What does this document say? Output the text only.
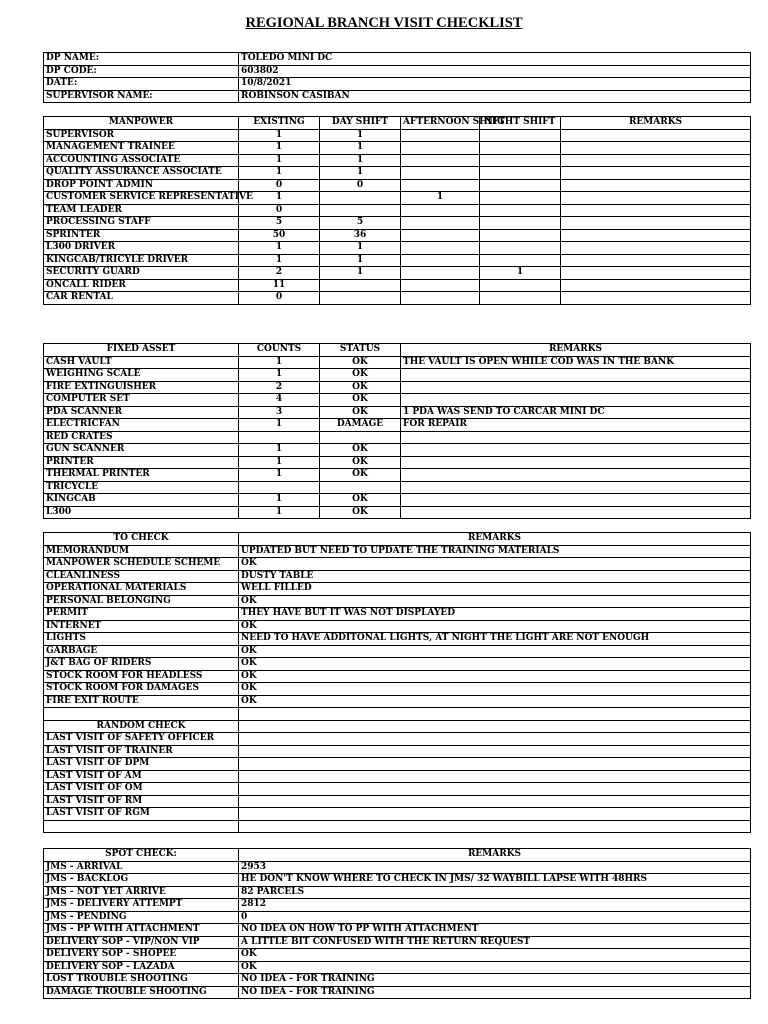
REGIONAL BRANCH VISIT CHECKLIST
DP NAME:	TOLEDO MINI DC
DP CODE:	603802
DATE:	10/8/2021
SUPERVISOR NAME:	ROBINSON CASIBAN
MANPOWER	EXISTING	DAY SHIFT	AFTERNOON SHIFT	NIGHT SHIFT	REMARKS
SUPERVISOR	1	1			
MANAGEMENT TRAINEE	1	1			
ACCOUNTING ASSOCIATE	1	1			
QUALITY ASSURANCE ASSOCIATE	1	1			
DROP POINT ADMIN	0	0			
CUSTOMER SERVICE REPRESENTATIVE	1		1		
TEAM LEADER	0				
PROCESSING STAFF	5	5			
SPRINTER	50	36			
L300 DRIVER	1	1			
KINGCAB/TRICYLE DRIVER	1	1			
SECURITY GUARD	2	1		1	
ONCALL RIDER	11				
CAR RENTAL	0				
FIXED ASSET	COUNTS	STATUS	REMARKS
CASH VAULT	1	OK	THE VAULT IS OPEN WHILE COD WAS IN THE BANK
WEIGHING SCALE	1	OK	
FIRE EXTINGUISHER	2	OK	
COMPUTER SET	4	OK	
PDA SCANNER	3	OK	1 PDA WAS SEND TO CARCAR MINI DC
ELECTRICFAN	1	DAMAGE	FOR REPAIR
RED CRATES			
GUN SCANNER	1	OK	
PRINTER	1	OK	
THERMAL PRINTER	1	OK	
TRICYCLE			
KINGCAB	1	OK	
L300	1	OK	
TO CHECK	REMARKS
MEMORANDUM	UPDATED BUT NEED TO UPDATE THE TRAINING MATERIALS
MANPOWER SCHEDULE SCHEME	OK
CLEANLINESS	DUSTY TABLE
OPERATIONAL MATERIALS	WELL FILLED
PERSONAL BELONGING	OK
PERMIT	THEY HAVE BUT IT WAS NOT DISPLAYED
INTERNET	OK
LIGHTS	NEED TO HAVE ADDITONAL LIGHTS, AT NIGHT THE LIGHT ARE NOT ENOUGH
GARBAGE	OK
J&T BAG OF RIDERS	OK
STOCK ROOM FOR HEADLESS	OK
STOCK ROOM FOR DAMAGES	OK
FIRE EXIT ROUTE	OK

RANDOM CHECK	
LAST VISIT OF SAFETY OFFICER	
LAST VISIT OF TRAINER	
LAST VISIT OF DPM	
LAST VISIT OF AM	
LAST VISIT OF OM	
LAST VISIT OF RM	
LAST VISIT OF RGM	

SPOT CHECK:	REMARKS
JMS - ARRIVAL	2953
JMS - BACKLOG	HE DON'T KNOW WHERE TO CHECK IN JMS/ 32 WAYBILL LAPSE WITH 48HRS
JMS - NOT YET ARRIVE	82 PARCELS
JMS - DELIVERY ATTEMPT	2812
JMS - PENDING	0
JMS - PP WITH ATTACHMENT	NO IDEA ON HOW TO PP WITH ATTACHMENT
DELIVERY SOP - VIP/NON VIP	A LITTLE BIT CONFUSED WITH THE RETURN REQUEST
DELIVERY SOP - SHOPEE	OK
DELIVERY SOP - LAZADA	OK
LOST TROUBLE SHOOTING	NO IDEA - FOR TRAINING
DAMAGE TROUBLE SHOOTING	NO IDEA - FOR TRAINING
